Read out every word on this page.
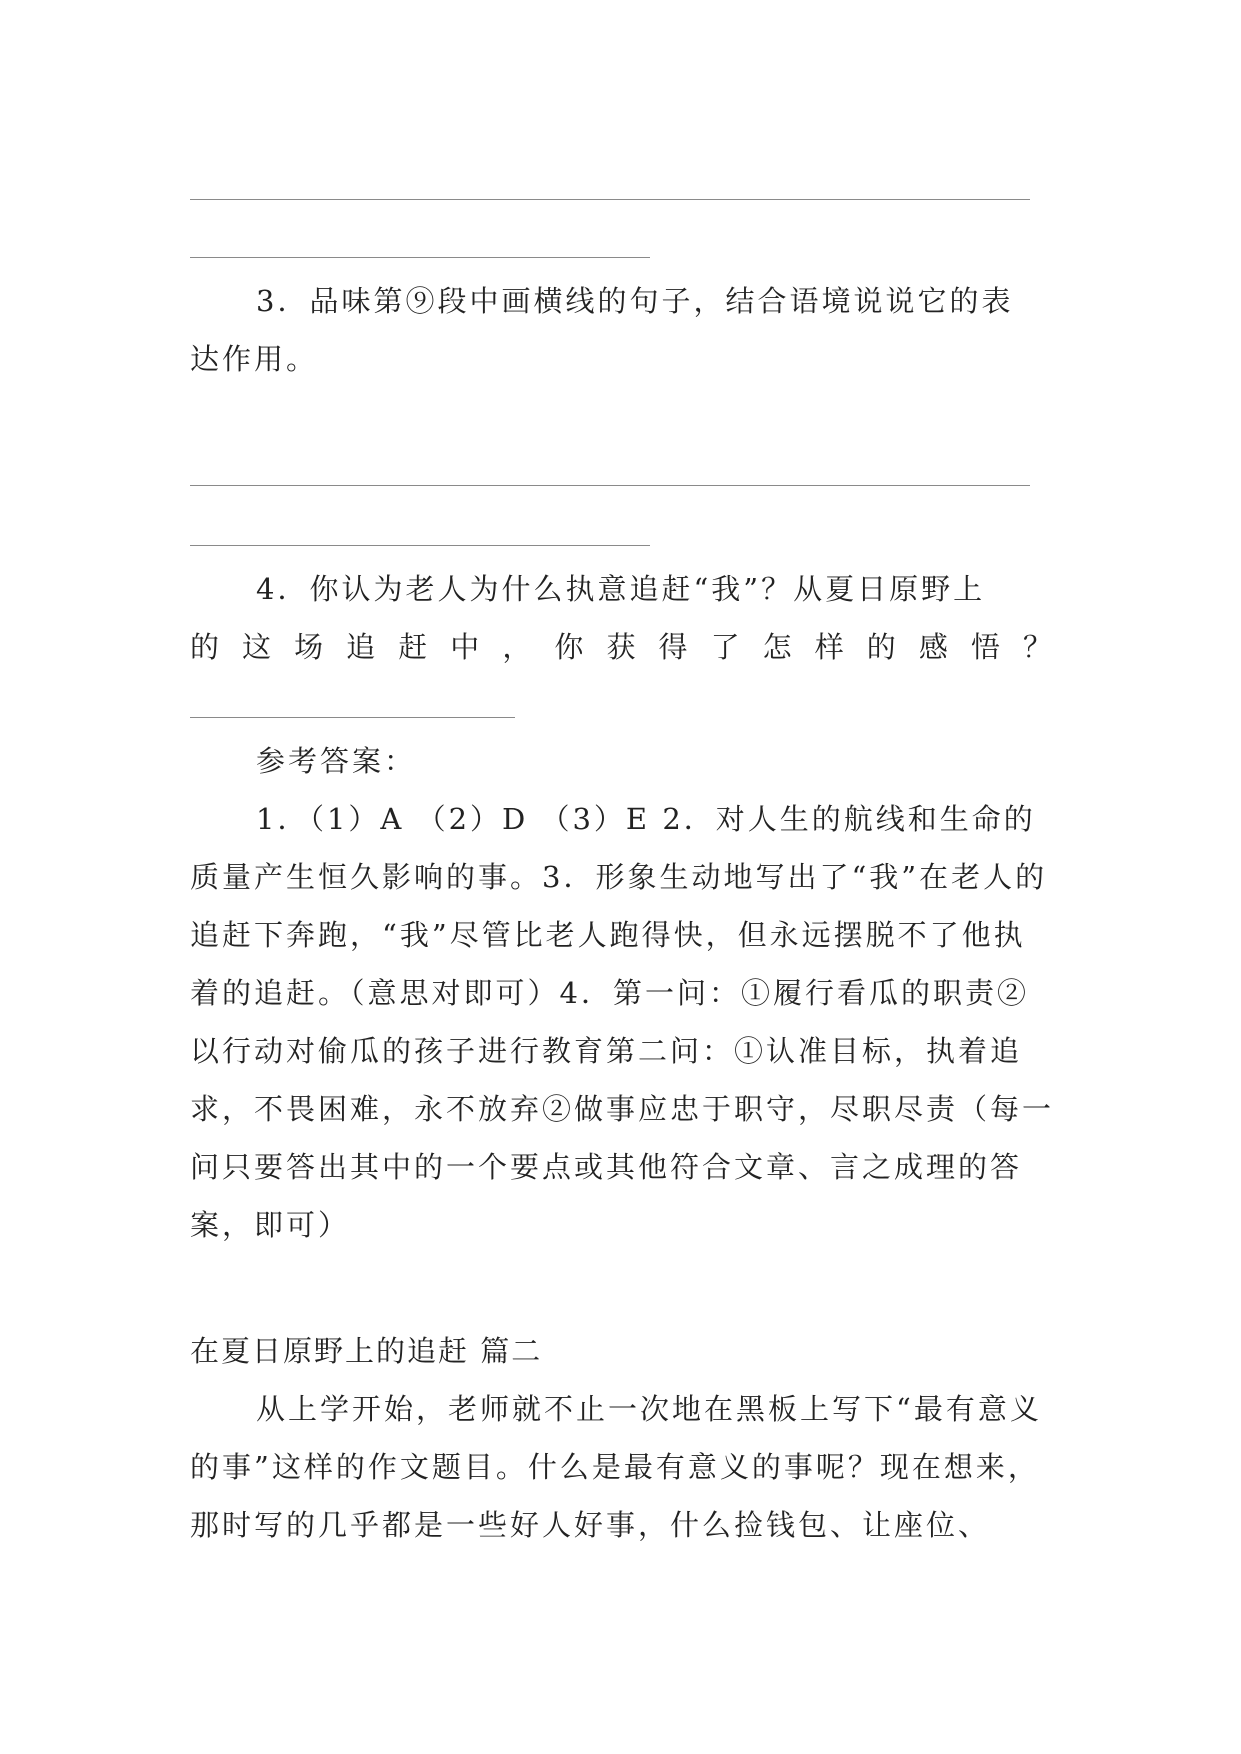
3．品味第⑨段中画横线的句子，结合语境说说它的表
达作用。

4．你认为老人为什么执意追赶“我”？从夏日原野上
的这场追赶中，你获得了怎样的感悟？

参考答案：

1．（1）A （2）D （3）E 2．对人生的航线和生命的质量产生恒久影响的事。3．形象生动地写出了“我”在老人的追赶下奔跑，“我”尽管比老人跑得快，但永远摆脱不了他执着的追赶。（意思对即可）4．第一问：①履行看瓜的职责②以行动对偷瓜的孩子进行教育第二问：①认准目标，执着追求，不畏困难，永不放弃②做事应忠于职守，尽职尽责（每一问只要答出其中的一个要点或其他符合文章、言之成理的答案，即可）

在夏日原野上的追赶 篇二

从上学开始，老师就不止一次地在黑板上写下“最有意义的事”这样的作文题目。什么是最有意义的事呢？现在想来，那时写的几乎都是一些好人好事，什么捡钱包、让座位、
